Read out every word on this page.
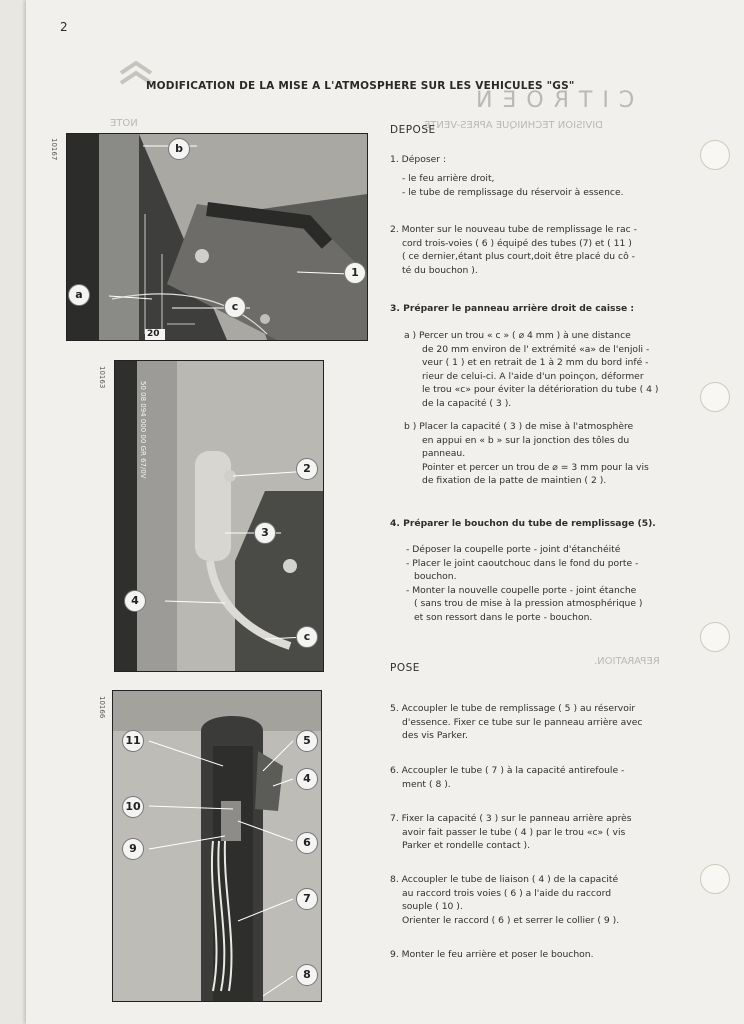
CITROEN
DIVISION TECHNIQUE APRES-VENTE
NOTE
REPARATION.
2
MODIFICATION DE LA MISE A L'ATMOSPHERE SUR LES VEHICULES "GS"
10167
20
b
1
a
c
10163
50 08 094 000 00 GR 67/0V	2
3
4
c
10166
11	5
4
10
6
9
7
8
DEPOSE
1. Déposer :
- le feu arrière droit,
- le tube de remplissage du réservoir à essence.
2. Monter sur le nouveau tube de remplissage le rac -
cord trois-voies ( 6 ) équipé des tubes (7) et ( 11 )
( ce dernier,étant plus court,doit être placé du cô -
té du bouchon ).
3. Préparer le panneau arrière droit de caisse :
a ) Percer un trou « c » ( ⌀ 4 mm ) à une distance
de 20 mm environ de l' extrémité «a» de l'enjoli -
veur ( 1 ) et en retrait de 1 à 2 mm du bord infé -
rieur de celui-ci. A l'aide d'un poinçon, déformer
le trou «c» pour éviter la détérioration du tube ( 4 )
de la capacité ( 3 ).
b ) Placer la capacité ( 3 ) de mise à l'atmosphère
en appui en « b » sur la jonction des tôles du
panneau.
Pointer et percer un trou de ⌀ = 3 mm pour la vis
de fixation de la patte de maintien ( 2 ).
4. Préparer le bouchon du tube de remplissage (5).
- Déposer la coupelle porte - joint d'étanchéité
- Placer le joint caoutchouc dans le fond du porte -
bouchon.
- Monter la nouvelle coupelle porte - joint étanche
( sans trou de mise à la pression atmosphérique )
et son ressort dans le porte - bouchon.
POSE
5. Accoupler le tube de remplissage ( 5 ) au réservoir
d'essence. Fixer ce tube sur le panneau arrière avec
des vis Parker.
6. Accoupler le tube ( 7 ) à la capacité antirefoule -
ment ( 8 ).
7. Fixer la capacité ( 3 ) sur le panneau arrière après
avoir fait passer le tube ( 4 ) par le trou «c» ( vis
Parker et rondelle contact ).
8. Accoupler le tube de liaison ( 4 ) de la capacité
au raccord trois voies ( 6 ) a l'aide du raccord
souple ( 10 ).
Orienter le raccord ( 6 ) et serrer le collier ( 9 ).
9. Monter le feu arrière et poser le bouchon.
